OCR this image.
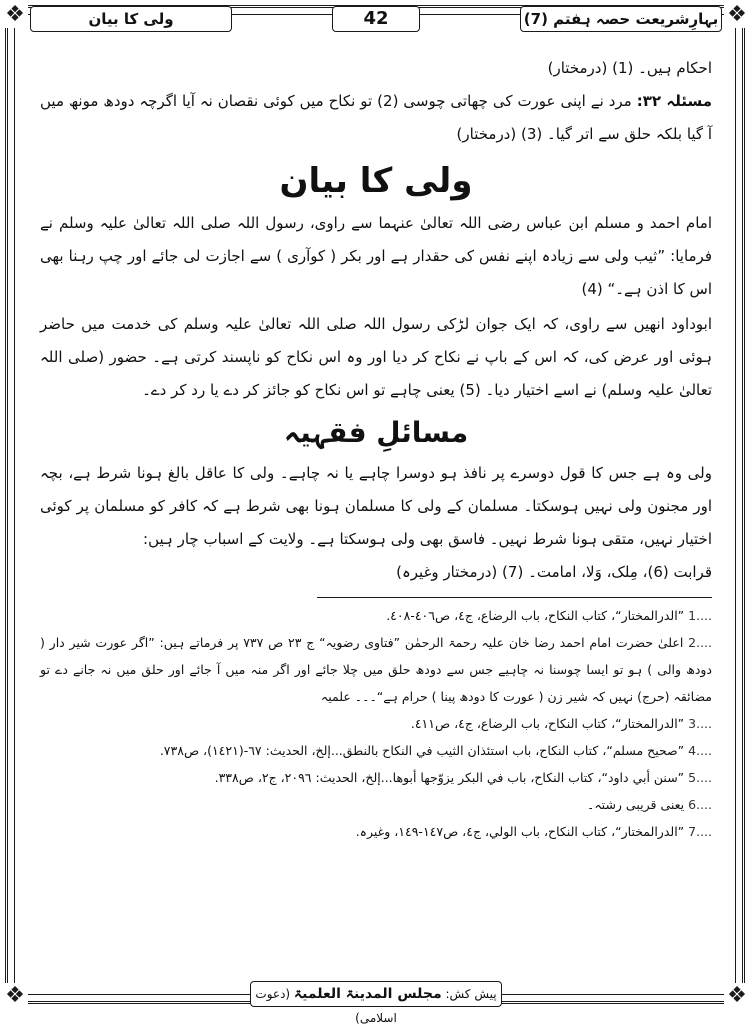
❖	❖
❖	❖
بہارِشریعت حصہ ہفتم (7)
42
ولی کا بیان

احکام ہیں۔ (1) (درمختار)

مسئلہ ۳۲: مرد نے اپنی عورت کی چھاتی چوسی (2) تو نکاح میں کوئی نقصان نہ آیا اگرچہ دودھ مونھ میں آ گیا بلکہ حلق سے اتر گیا۔ (3) (درمختار)

ولی کا بیان

امام احمد و مسلم ابن عباس رضی اللہ تعالیٰ عنہما سے راوی، رسول اللہ صلی اللہ تعالیٰ علیہ وسلم نے فرمایا: ”ثیب ولی سے زیادہ اپنے نفس کی حقدار ہے اور بکر ( کوآری ) سے اجازت لی جائے اور چپ رہنا بھی اس کا اذن ہے۔“ (4)

ابوداود انھیں سے راوی، کہ ایک جوان لڑکی رسول اللہ صلی اللہ تعالیٰ علیہ وسلم کی خدمت میں حاضر ہوئی اور عرض کی، کہ اس کے باپ نے نکاح کر دیا اور وہ اس نکاح کو ناپسند کرتی ہے۔ حضور (صلی اللہ تعالیٰ علیہ وسلم) نے اسے اختیار دیا۔ (5) یعنی چاہے تو اس نکاح کو جائز کر دے یا رد کر دے۔

مسائلِ فقہیہ

ولی وہ ہے جس کا قول دوسرے پر نافذ ہو دوسرا چاہے یا نہ چاہے۔ ولی کا عاقل بالغ ہونا شرط ہے، بچہ اور مجنون ولی نہیں ہوسکتا۔ مسلمان کے ولی کا مسلمان ہونا بھی شرط ہے کہ کافر کو مسلمان پر کوئی اختیار نہیں، متقی ہونا شرط نہیں۔ فاسق بھی ولی ہوسکتا ہے۔ ولایت کے اسباب چار ہیں:

قرابت (6)، مِلک، وَلا، امامت۔ (7) (درمختار وغیرہ)

....1 ”الدرالمختار“، کتاب النکاح، باب الرضاع، ج٤، ص٤٠٦-٤٠٨.

....2 اعلیٰ حضرت امام احمد رضا خان علیہ رحمۃ الرحمٰن ”فتاوی رضویہ“ ج ٢٣ ص ٧٣٧ پر فرماتے ہیں: ”اگر عورت شیر دار ( دودھ والی ) ہو تو ایسا چوسنا نہ چاہیے جس سے دودھ حلق میں چلا جائے اور اگر منہ میں آ جائے اور حلق میں نہ جانے دے تو مضائقہ (حرج) نہیں کہ شیر زن ( عورت کا دودھ پینا ) حرام ہے“۔۔۔ علمیہ

....3 ”الدرالمختار“، کتاب النکاح، باب الرضاع، ج٤، ص٤١١.

....4 ”صحیح مسلم“، کتاب النکاح، باب استئذان الثیب في النکاح بالنطق...إلخ، الحدیث: ٦٧-(١٤٢١)، ص٧٣٨.

....5 ”سنن أبي داود“، کتاب النکاح، باب في البکر یزوّجها أبوها...إلخ، الحدیث: ٢٠٩٦، ج٢، ص٣٣٨.

....6 یعنی قریبی رشتہ۔

....7 ”الدرالمختار“، کتاب النکاح، باب الولي، ج٤، ص١٤٧-١٤٩، وغیرہ.

پیش کش: مجلس المدینۃ العلمیۃ (دعوت اسلامی)
